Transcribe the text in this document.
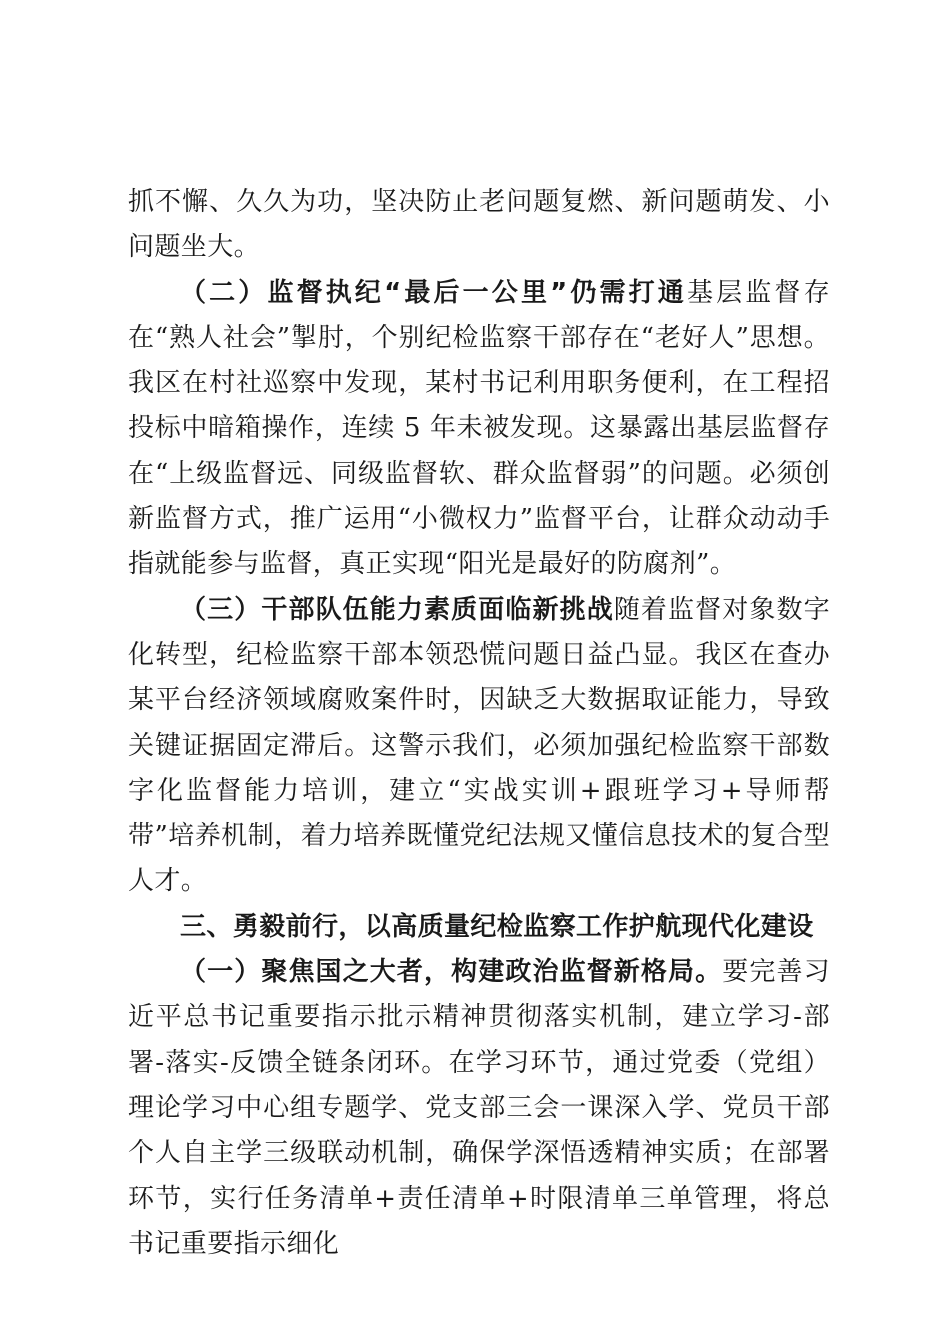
抓不懈、久久为功，坚决防止老问题复燃、新问题萌发、小问题坐大。

（二）监督执纪“最后一公里”仍需打通基层监督存在“熟人社会”掣肘，个别纪检监察干部存在“老好人”思想。我区在村社巡察中发现，某村书记利用职务便利，在工程招投标中暗箱操作，连续 5 年未被发现。这暴露出基层监督存在“上级监督远、同级监督软、群众监督弱”的问题。必须创新监督方式，推广运用“小微权力”监督平台，让群众动动手指就能参与监督，真正实现“阳光是最好的防腐剂”。

（三）干部队伍能力素质面临新挑战随着监督对象数字化转型，纪检监察干部本领恐慌问题日益凸显。我区在查办某平台经济领域腐败案件时，因缺乏大数据取证能力，导致关键证据固定滞后。这警示我们，必须加强纪检监察干部数字化监督能力培训，建立“实战实训+跟班学习+导师帮带”培养机制，着力培养既懂党纪法规又懂信息技术的复合型人才。

三、勇毅前行，以高质量纪检监察工作护航现代化建设

（一）聚焦国之大者，构建政治监督新格局。要完善习近平总书记重要指示批示精神贯彻落实机制，建立学习-部署-落实-反馈全链条闭环。在学习环节，通过党委（党组）理论学习中心组专题学、党支部三会一课深入学、党员干部个人自主学三级联动机制，确保学深悟透精神实质；在部署环节，实行任务清单+责任清单+时限清单三单管理，将总书记重要指示细化
